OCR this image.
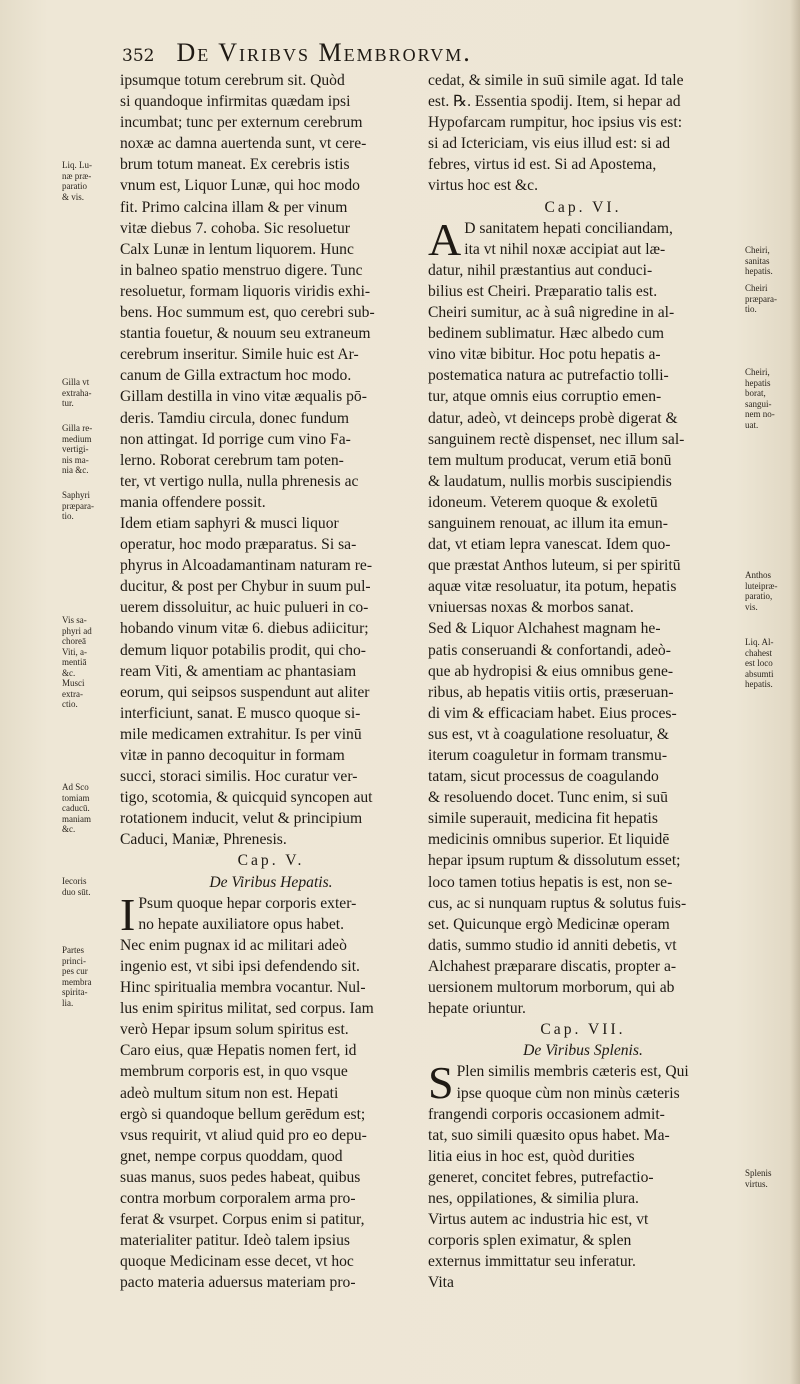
352 De Viribvs Membrorvm.
ipsumque totum cerebrum sit. Quòd
si quandoque infirmitas quædam ipsi
incumbat; tunc per externum cerebrum
noxæ ac damna auertenda sunt, vt cere-
brum totum maneat. Ex cerebris istis
vnum est, Liquor Lunæ, qui hoc modo
fit. Primo calcina illam & per vinum
vitæ diebus 7. cohoba. Sic resoluetur
Calx Lunæ in lentum liquorem. Hunc
in balneo spatio menstruo digere. Tunc
resoluetur, formam liquoris viridis exhi-
bens. Hoc summum est, quo cerebri sub-
stantia fouetur, & nouum seu extraneum
cerebrum inseritur. Simile huic est Ar-
canum de Gilla extractum hoc modo.
Gillam destilla in vino vitæ æqualis pō-
deris. Tamdiu circula, donec fundum
non attingat. Id porrige cum vino Fa-
lerno. Roborat cerebrum tam poten-
ter, vt vertigo nulla, nulla phrenesis ac
mania offendere possit.
Idem etiam saphyri & musci liquor
operatur, hoc modo præparatus. Si sa-
phyrus in Alcoadamantinam naturam re-
ducitur, & post per Chybur in suum pul-
uerem dissoluitur, ac huic pulueri in co-
hobando vinum vitæ 6. diebus adiicitur;
demum liquor potabilis prodit, qui cho-
ream Viti, & amentiam ac phantasiam
eorum, qui seipsos suspendunt aut aliter
interficiunt, sanat. E musco quoque si-
mile medicamen extrahitur. Is per vinū
vitæ in panno decoquitur in formam
succi, storaci similis. Hoc curatur ver-
tigo, scotomia, & quicquid syncopen aut
rotationem inducit, velut & principium
Caduci, Maniæ, Phrenesis.
Cap. V.
De Viribus Hepatis.
I Psum quoque hepar corporis exter-
no hepate auxiliatore opus habet.
Nec enim pugnax id ac militari adeò
ingenio est, vt sibi ipsi defendendo sit.
Hinc spiritualia membra vocantur. Nul-
lus enim spiritus militat, sed corpus. Iam
verò Hepar ipsum solum spiritus est.
Caro eius, quæ Hepatis nomen fert, id
membrum corporis est, in quo vsque
adeò multum situm non est. Hepati
ergò si quandoque bellum gerēdum est;
vsus requirit, vt aliud quid pro eo depu-
gnet, nempe corpus quoddam, quod
suas manus, suos pedes habeat, quibus
contra morbum corporalem arma pro-
ferat & vsurpet. Corpus enim si patitur,
materialiter patitur. Ideò talem ipsius
quoque Medicinam esse decet, vt hoc
pacto materia aduersus materiam pro-
cedat, & simile in suū simile agat. Id tale
est. ℞. Essentia spodij. Item, si hepar ad
Hypofarcam rumpitur, hoc ipsius vis est:
si ad Ictericiam, vis eius illud est: si ad
febres, virtus id est. Si ad Apostema,
virtus hoc est &c.
Cap. VI.
A D sanitatem hepati conciliandam,
ita vt nihil noxæ accipiat aut læ-
datur, nihil præstantius aut conduci-
bilius est Cheiri. Præparatio talis est.
Cheiri sumitur, ac à suâ nigredine in al-
bedinem sublimatur. Hæc albedo cum
vino vitæ bibitur. Hoc potu hepatis a-
postematica natura ac putrefactio tolli-
tur, atque omnis eius corruptio emen-
datur, adeò, vt deinceps probè digerat &
sanguinem rectè dispenset, nec illum sal-
tem multum producat, verum etiā bonū
& laudatum, nullis morbis suscipiendis
idoneum. Veterem quoque & exoletū
sanguinem renouat, ac illum ita emun-
dat, vt etiam lepra vanescat. Idem quo-
que præstat Anthos luteum, si per spiritū
aquæ vitæ resoluatur, ita potum, hepatis
vniuersas noxas & morbos sanat.
Sed & Liquor Alchahest magnam he-
patis conseruandi & confortandi, adeò-
que ab hydropisi & eius omnibus gene-
ribus, ab hepatis vitiis ortis, præseruan-
di vim & efficaciam habet. Eius proces-
sus est, vt à coagulatione resoluatur, &
iterum coaguletur in formam transmu-
tatam, sicut processus de coagulando
& resoluendo docet. Tunc enim, si suū
simile superauit, medicina fit hepatis
medicinis omnibus superior. Et liquidē
hepar ipsum ruptum & dissolutum esset;
loco tamen totius hepatis is est, non se-
cus, ac si nunquam ruptus & solutus fuis-
set. Quicunque ergò Medicinæ operam
datis, summo studio id anniti debetis, vt
Alchahest præparare discatis, propter a-
uersionem multorum morborum, qui ab
hepate oriuntur.
Cap. VII.
De Viribus Splenis.
S Plen similis membris cæteris est, Qui
ipse quoque cùm non minùs cæteris
frangendi corporis occasionem admit-
tat, suo simili quæsito opus habet. Ma-
litia eius in hoc est, quòd durities
generet, concitet febres, putrefactio-
nes, oppilationes, & similia plura.
Virtus autem ac industria hic est, vt
corporis splen eximatur, & splen
externus immittatur seu inferatur.
Vita
Liq. Lu-
næ præ-
paratio
& vis.
Gilla vt
extraha-
tur.
Gilla re-
medium
vertigi-
nis ma-
nia &c.
Saphyri
præpara-
tio.
Vis sa-
phyri ad
choreā
Viti, a-
mentiā
&c.
Musci
extra-
ctio.
Ad Sco
tomiam
caducū.
maniam
&c.
Iecoris
duo sūt.
Partes
princi-
pes cur
membra
spirita-
lia.
Cheiri,
sanitas
hepatis.
Cheiri
præpara-
tio.
Cheiri,
hepatis
borat,
sangui-
nem no-
uat.
Anthos
luteipræ-
paratio,
vis.
Liq. Al-
chahest
est loco
absumti
hepatis.
Splenis
virtus.
